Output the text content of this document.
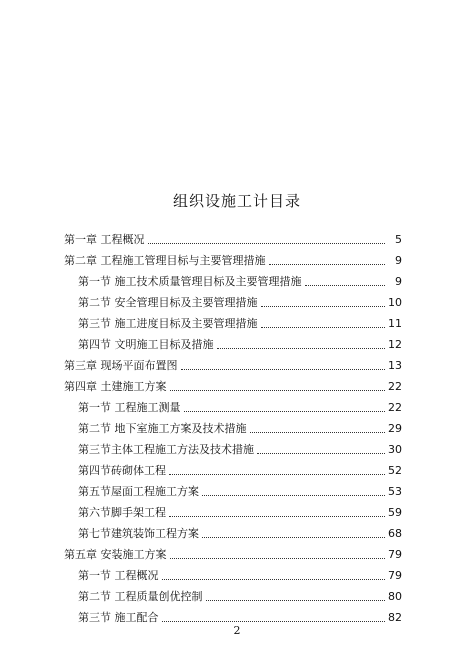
组织设施工计目录
第一章 工程概况	5
第二章 工程施工管理目标与主要管理措施	9
第一节 施工技术质量管理目标及主要管理措施	9
第二节 安全管理目标及主要管理措施	10
第三节 施工进度目标及主要管理措施	11
第四节 文明施工目标及措施	12
第三章 现场平面布置图	13
第四章 土建施工方案	22
第一节 工程施工测量	22
第二节 地下室施工方案及技术措施	29
第三节主体工程施工方法及技术措施	30
第四节砖砌体工程	52
第五节屋面工程施工方案	53
第六节脚手架工程	59
第七节建筑装饰工程方案	68
第五章 安装施工方案	79
第一节 工程概况	79
第二节 工程质量创优控制	80
第三节 施工配合	82
2
